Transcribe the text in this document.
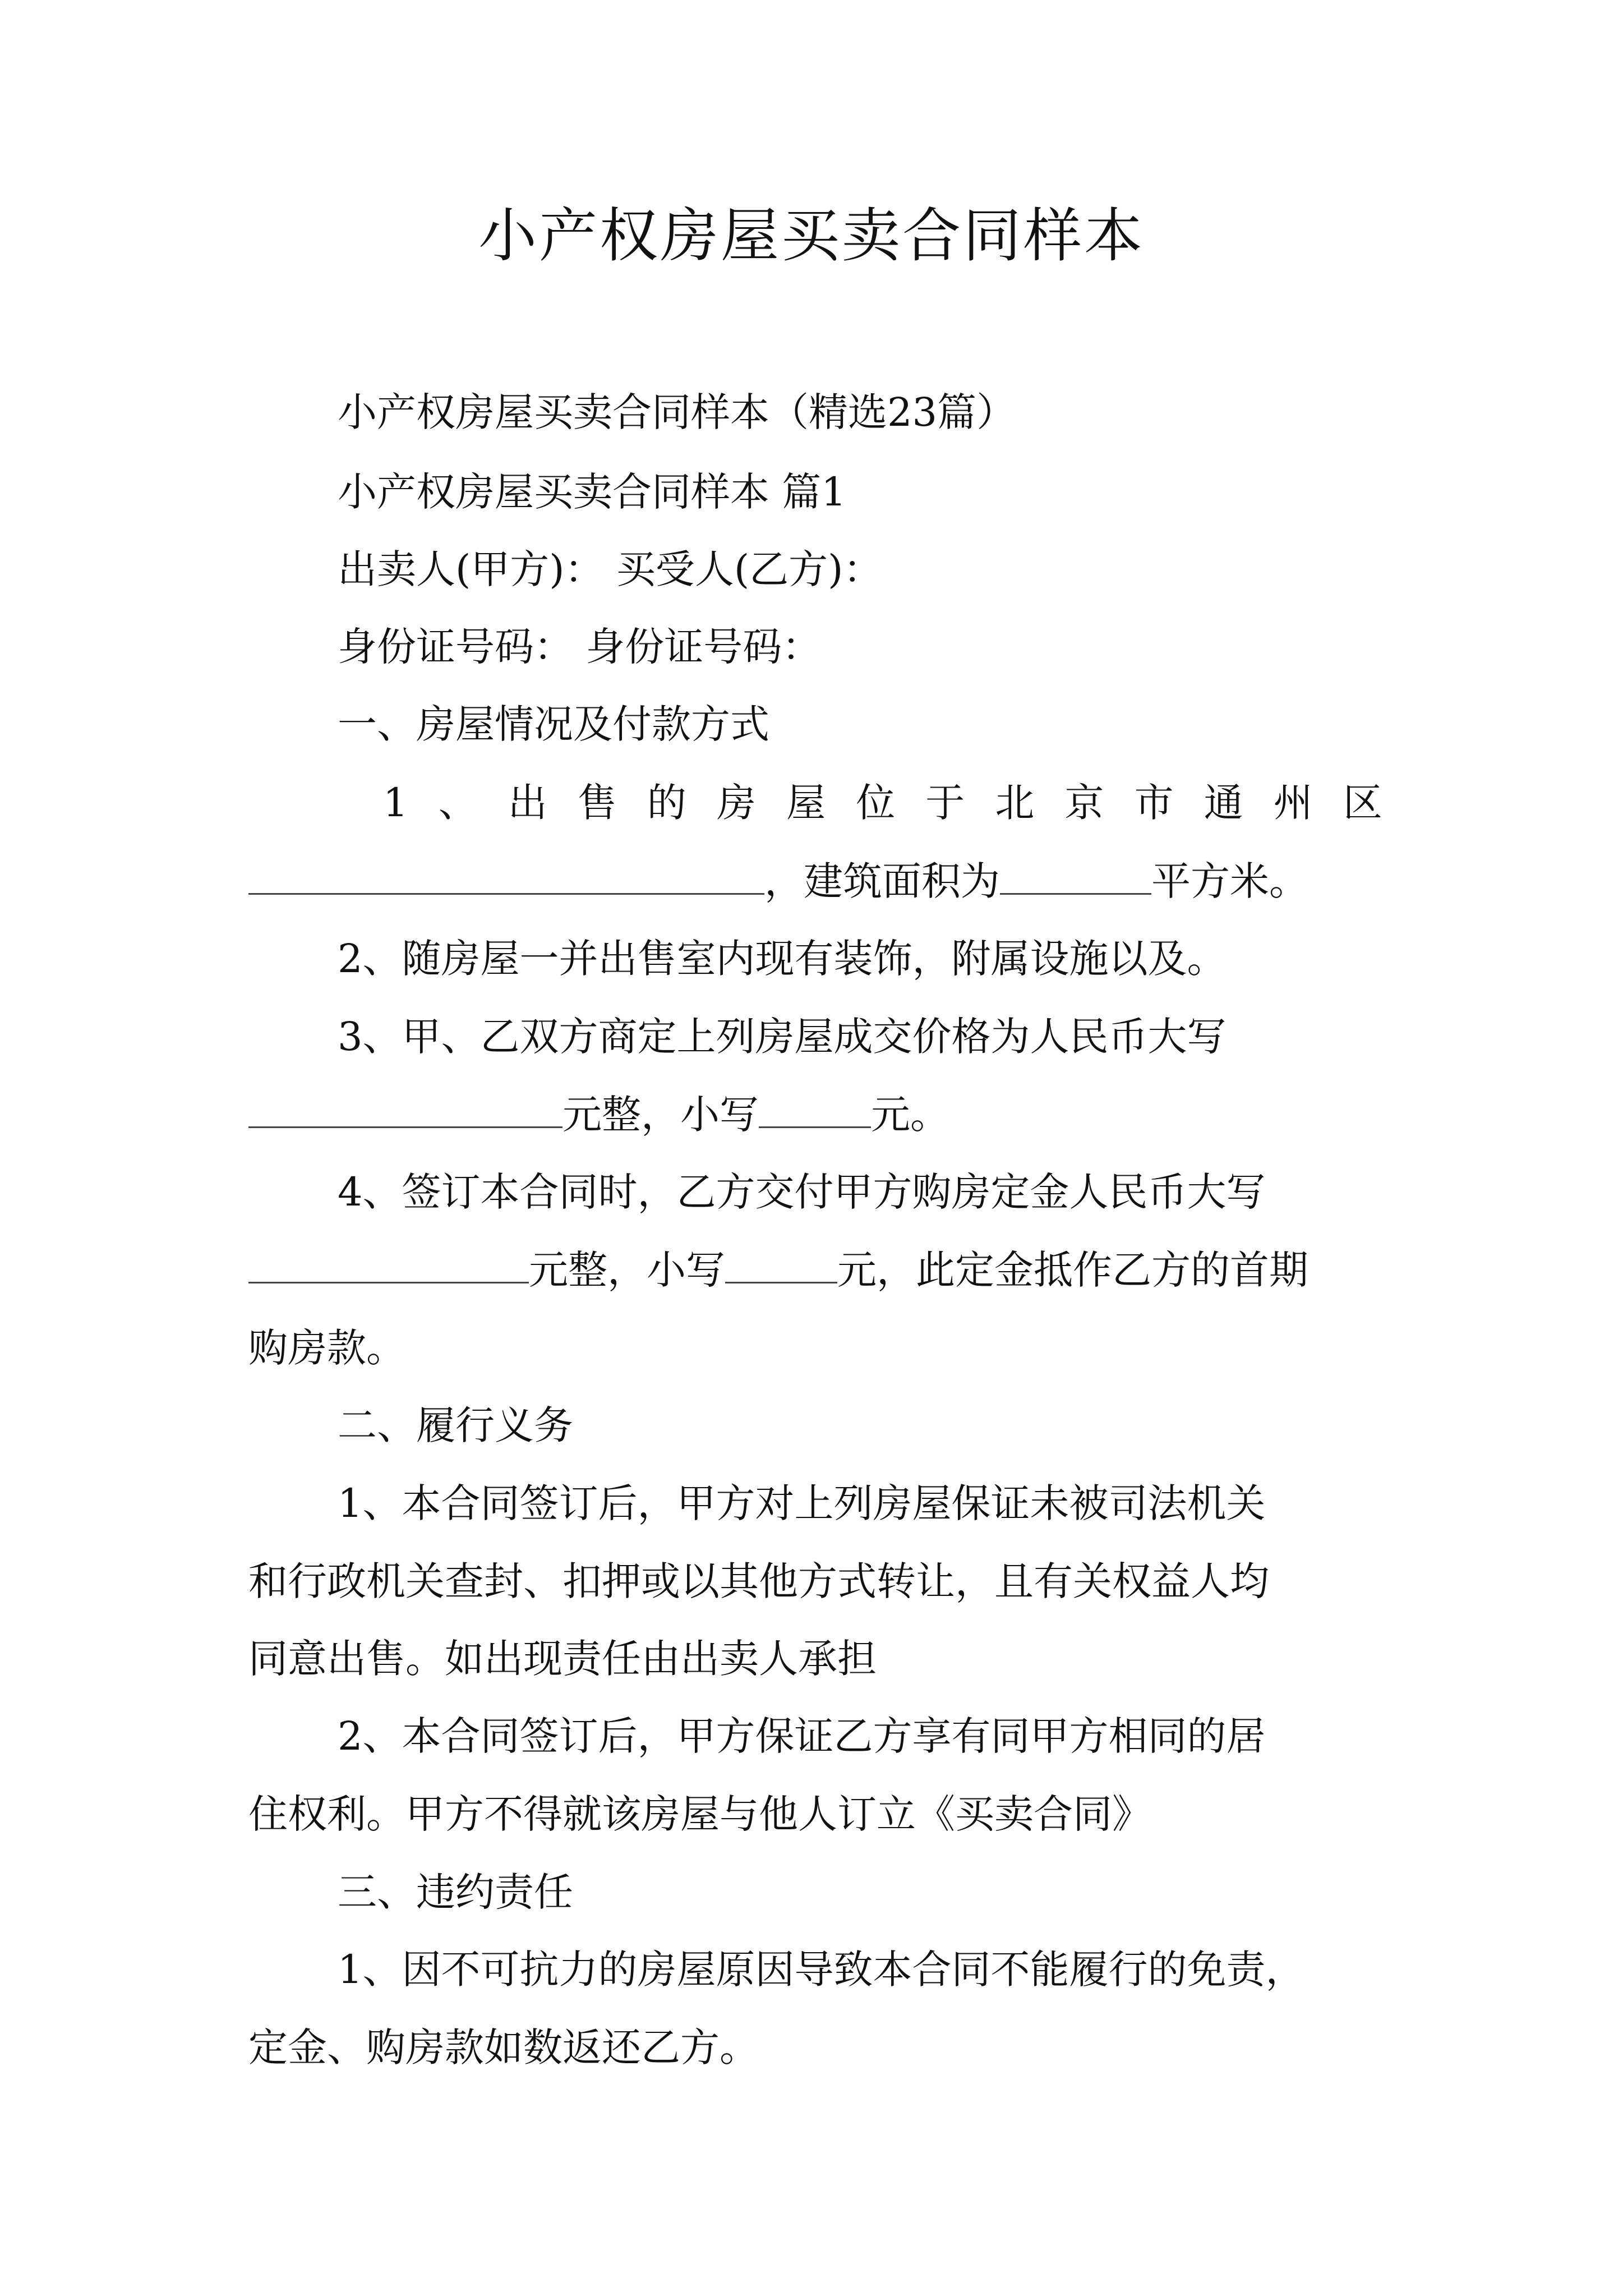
小产权房屋买卖合同样本
小产权房屋买卖合同样本（精选23篇）
小产权房屋买卖合同样本 篇1
出卖人(甲方)： 买受人(乙方)：
身份证号码： 身份证号码：
一、房屋情况及付款方式
1 、 出 售 的 房 屋 位 于 北 京 市 通 州 区
，建筑面积为	平方米。
2、随房屋一并出售室内现有装饰，附属设施以及。
3、甲、乙双方商定上列房屋成交价格为人民币大写
元整，小写	元。
4、签订本合同时，乙方交付甲方购房定金人民币大写
元整，小写	元，此定金抵作乙方的首期
购房款。
二、履行义务
1、本合同签订后，甲方对上列房屋保证未被司法机关
和行政机关查封、扣押或以其他方式转让，且有关权益人均
同意出售。如出现责任由出卖人承担
2、本合同签订后，甲方保证乙方享有同甲方相同的居
住权利。甲方不得就该房屋与他人订立《买卖合同》
三、违约责任
1、因不可抗力的房屋原因导致本合同不能履行的免责，
定金、购房款如数返还乙方。
